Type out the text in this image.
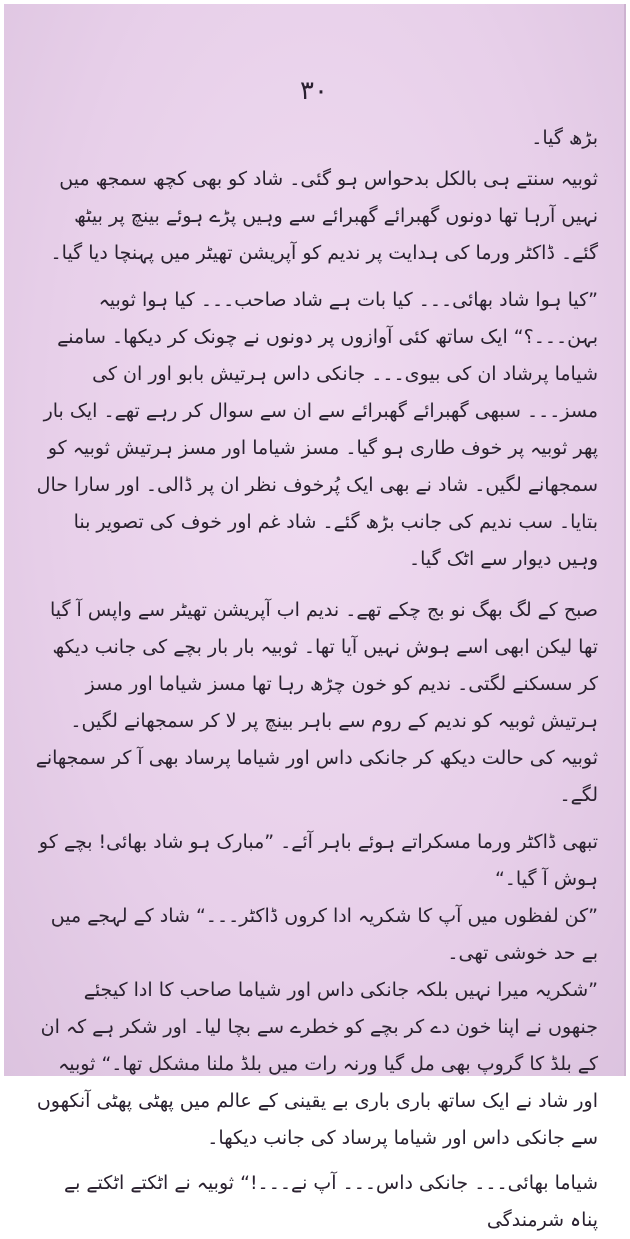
۳۰

بڑھ گیا۔

ثوبیہ سنتے ہی بالکل بدحواس ہو گئی۔ شاد کو بھی کچھ سمجھ میں نہیں آرہا تھا دونوں گھبرائے گھبرائے سے وہیں پڑے ہوئے بینچ پر بیٹھ گئے۔ ڈاکٹر ورما کی ہدایت پر ندیم کو آپریشن تھیٹر میں پہنچا دیا گیا۔

”کیا ہوا شاد بھائی۔۔۔ کیا بات ہے شاد صاحب۔۔۔ کیا ہوا ثوبیہ بہن۔۔۔؟“ ایک ساتھ کئی آوازوں پر دونوں نے چونک کر دیکھا۔ سامنے شیاما پرشاد ان کی بیوی۔۔۔ جانکی داس ہرتیش بابو اور ان کی مسز۔۔۔ سبھی گھبرائے گھبرائے سے ان سے سوال کر رہے تھے۔ ایک بار پھر ثوبیہ پر خوف طاری ہو گیا۔ مسز شیاما اور مسز ہرتیش ثوبیہ کو سمجھانے لگیں۔ شاد نے بھی ایک پُرخوف نظر ان پر ڈالی۔ اور سارا حال بتایا۔ سب ندیم کی جانب بڑھ گئے۔ شاد غم اور خوف کی تصویر بنا وہیں دیوار سے اٹک گیا۔

صبح کے لگ بھگ نو بج چکے تھے۔ ندیم اب آپریشن تھیٹر سے واپس آ گیا تھا لیکن ابھی اسے ہوش نہیں آیا تھا۔ ثوبیہ بار بار بچے کی جانب دیکھ کر سسکنے لگتی۔ ندیم کو خون چڑھ رہا تھا مسز شیاما اور مسز ہرتیش ثوبیہ کو ندیم کے روم سے باہر بینچ پر لا کر سمجھانے لگیں۔ ثوبیہ کی حالت دیکھ کر جانکی داس اور شیاما پرساد بھی آ کر سمجھانے لگے۔

تبھی ڈاکٹر ورما مسکراتے ہوئے باہر آئے۔ ”مبارک ہو شاد بھائی! بچے کو ہوش آ گیا۔“

”کن لفظوں میں آپ کا شکریہ ادا کروں ڈاکٹر۔۔۔“ شاد کے لہجے میں بے حد خوشی تھی۔

”شکریہ میرا نہیں بلکہ جانکی داس اور شیاما صاحب کا ادا کیجئے جنھوں نے اپنا خون دے کر بچے کو خطرے سے بچا لیا۔ اور شکر ہے کہ ان کے بلڈ کا گروپ بھی مل گیا ورنہ رات میں بلڈ ملنا مشکل تھا۔“ ثوبیہ اور شاد نے ایک ساتھ باری باری بے یقینی کے عالم میں پھٹی پھٹی آنکھوں سے جانکی داس اور شیاما پرساد کی جانب دیکھا۔

شیاما بھائی۔۔۔ جانکی داس۔۔۔ آپ نے۔۔۔!“ ثوبیہ نے اٹکتے اٹکتے بے پناہ شرمندگی
